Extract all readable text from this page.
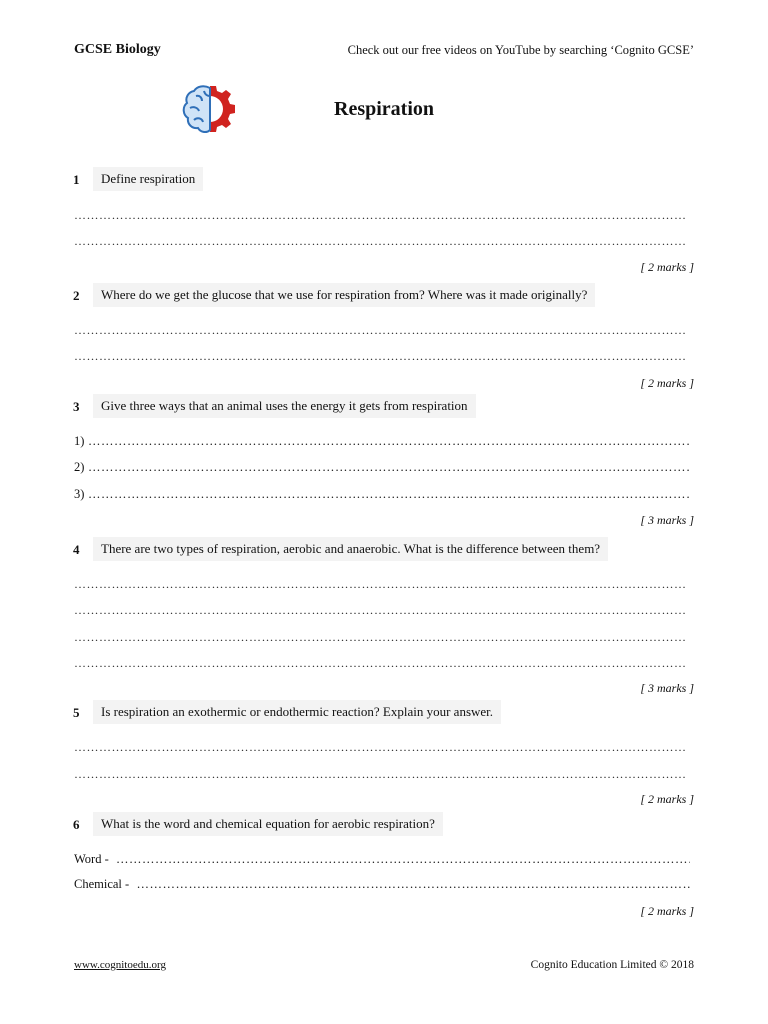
GCSE Biology	Check out our free videos on YouTube by searching ‘Cognito GCSE’
Respiration
1	Define respiration
…………………………………………………………………………………………………………………………………………………………………………
…………………………………………………………………………………………………………………………………………………………………………
[ 2 marks ]
2	Where do we get the glucose that we use for respiration from? Where was it made originally?
…………………………………………………………………………………………………………………………………………………………………………
…………………………………………………………………………………………………………………………………………………………………………
[ 2 marks ]
3	Give three ways that an animal uses the energy it gets from respiration
1)
……………………………………………………………………………………………………………………………………………………………………………
2)
……………………………………………………………………………………………………………………………………………………………………………
3)
……………………………………………………………………………………………………………………………………………………………………………
[ 3 marks ]
4	There are two types of respiration, aerobic and anaerobic. What is the difference between them?
…………………………………………………………………………………………………………………………………………………………………………
…………………………………………………………………………………………………………………………………………………………………………
…………………………………………………………………………………………………………………………………………………………………………
…………………………………………………………………………………………………………………………………………………………………………
[ 3 marks ]
5	Is respiration an exothermic or endothermic reaction? Explain your answer.
…………………………………………………………………………………………………………………………………………………………………………
…………………………………………………………………………………………………………………………………………………………………………
[ 2 marks ]
6	What is the word and chemical equation for aerobic respiration?
Word -
……………………………………………………………………………………………………………………………………………………………………………
Chemical -
……………………………………………………………………………………………………………………………………………………………………………
[ 2 marks ]
www.cognitoedu.org	Cognito Education Limited © 2018
